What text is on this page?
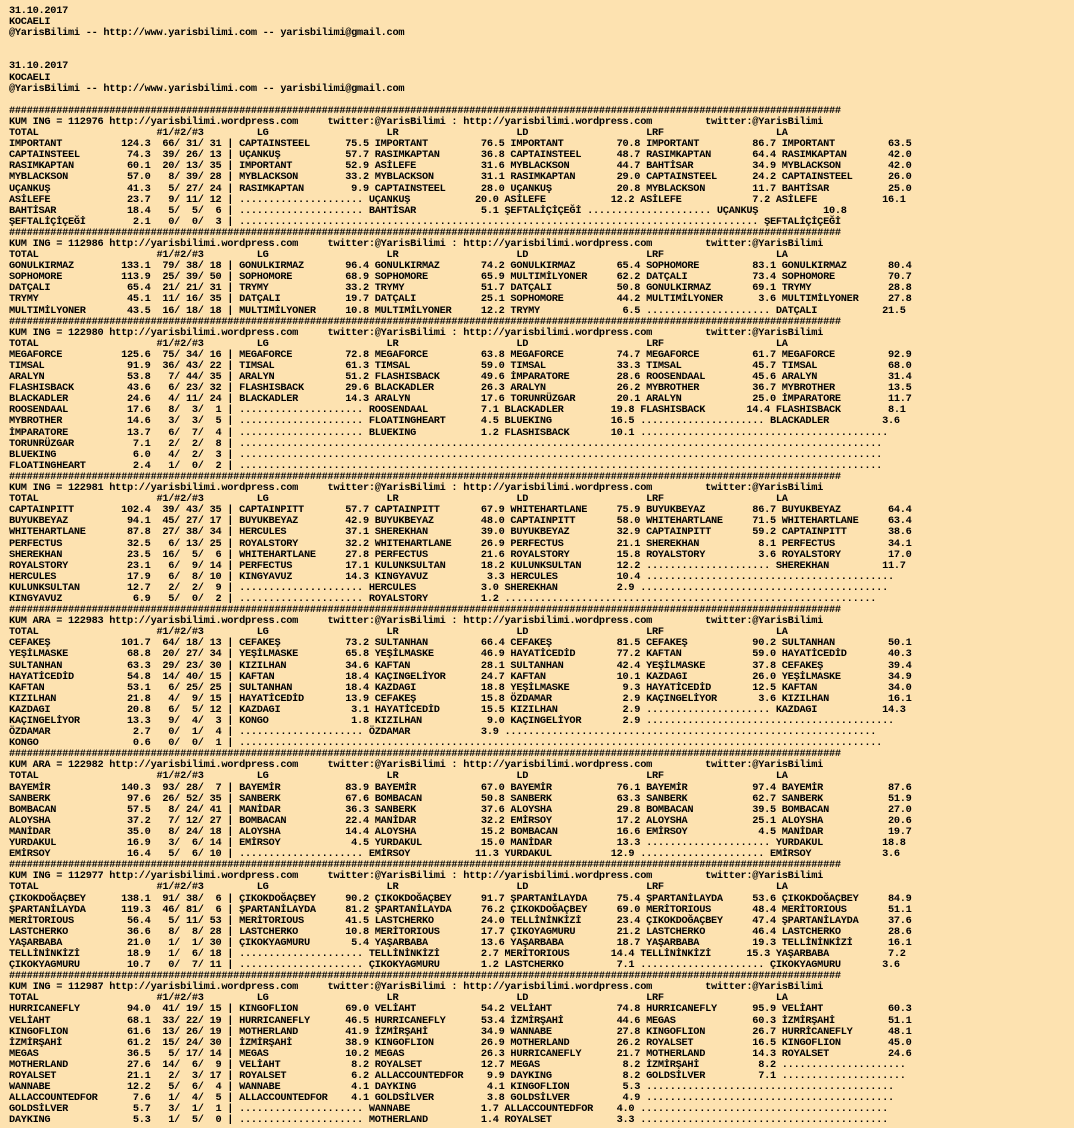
31.10.2017
KOCAELI
@YarisBilimi -- http://www.yarisbilimi.com -- yarisbilimi@gmail.com
31.10.2017
KOCAELI
@YarisBilimi -- http://www.yarisbilimi.com -- yarisbilimi@gmail.com
#############################################################################################################################################
KUM ING = 112976 http://yarisbilimi.wordpress.com     twitter:@YarisBilimi : http://yarisbilimi.wordpress.com         twitter:@YarisBilimi
TOTAL                    #1/#2/#3         LG                    LR                    LD                    LRF                   LA
IMPORTANT          124.3  66/ 31/ 31 | CAPTAINSTEEL      75.5 IMPORTANT         76.5 IMPORTANT         70.8 IMPORTANT         86.7 IMPORTANT         63.5
CAPTAINSTEEL        74.3  39/ 26/ 13 | UÇANKUŞ           57.7 RASIMKAPTAN       36.8 CAPTAINSTEEL      48.7 RASIMKAPTAN       64.4 RASIMKAPTAN       42.0
RASIMKAPTAN         60.1  20/ 13/ 35 | IMPORTANT         52.9 ASİLEFE           31.6 MYBLACKSON        44.7 BAHTİSAR          34.9 MYBLACKSON        42.0
MYBLACKSON          57.0   8/ 39/ 28 | MYBLACKSON        33.2 MYBLACKSON        31.1 RASIMKAPTAN       29.0 CAPTAINSTEEL      24.2 CAPTAINSTEEL      26.0
UÇANKUŞ             41.3   5/ 27/ 24 | RASIMKAPTAN        9.9 CAPTAINSTEEL      28.0 UÇANKUŞ           20.8 MYBLACKSON        11.7 BAHTİSAR          25.0
ASİLEFE             23.7   9/ 11/ 12 | ..................... UÇANKUŞ           20.0 ASİLEFE           12.2 ASİLEFE            7.2 ASİLEFE           16.1
BAHTİSAR            18.4   5/  5/  6 | ..................... BAHTİSAR           5.1 ŞEFTALİÇİÇEĞİ ..................... UÇANKUŞ           10.8
ŞEFTALİÇİÇEĞİ        2.1   0/  0/  3 | ........................................................................................ ŞEFTALİÇİÇEĞİ
#############################################################################################################################################
KUM ING = 112986 http://yarisbilimi.wordpress.com     twitter:@YarisBilimi : http://yarisbilimi.wordpress.com         twitter:@YarisBilimi
TOTAL                    #1/#2/#3         LG                    LR                    LD                    LRF                   LA
GONULKIRMAZ        133.1  79/ 38/ 18 | GONULKIRMAZ       96.4 GONULKIRMAZ       74.2 GONULKIRMAZ       65.4 SOPHOMORE         83.1 GONULKIRMAZ       80.4
SOPHOMORE          113.9  25/ 39/ 50 | SOPHOMORE         68.9 SOPHOMORE         65.9 MULTIMİLYONER     62.2 DATÇALI           73.4 SOPHOMORE         70.7
DATÇALI             65.4  21/ 21/ 31 | TRYMY             33.2 TRYMY             51.7 DATÇALI           50.8 GONULKIRMAZ       69.1 TRYMY             28.8
TRYMY               45.1  11/ 16/ 35 | DATÇALI           19.7 DATÇALI           25.1 SOPHOMORE         44.2 MULTIMİLYONER      3.6 MULTIMİLYONER     27.8
MULTIMİLYONER       43.5  16/ 18/ 18 | MULTIMİLYONER     10.8 MULTIMİLYONER     12.2 TRYMY              6.5 ..................... DATÇALI           21.5
#############################################################################################################################################
KUM ING = 122980 http://yarisbilimi.wordpress.com     twitter:@YarisBilimi : http://yarisbilimi.wordpress.com         twitter:@YarisBilimi
TOTAL                    #1/#2/#3         LG                    LR                    LD                    LRF                   LA
MEGAFORCE          125.6  75/ 34/ 16 | MEGAFORCE         72.8 MEGAFORCE         63.8 MEGAFORCE         74.7 MEGAFORCE         61.7 MEGAFORCE         92.9
TIMSAL              91.9  36/ 43/ 22 | TIMSAL            61.3 TIMSAL            59.0 TIMSAL            33.3 TIMSAL            45.7 TIMSAL            68.0
ARALYN              53.8   7/ 44/ 35 | ARALYN            51.2 FLASHISBACK       49.6 İMPARATORE        28.6 ROOSENDAAL        45.6 ARALYN            31.4
FLASHISBACK         43.6   6/ 23/ 32 | FLASHISBACK       29.6 BLACKADLER        26.3 ARALYN            26.2 MYBROTHER         36.7 MYBROTHER         13.5
BLACKADLER          24.6   4/ 11/ 24 | BLACKADLER        14.3 ARALYN            17.6 TORUNRÜZGAR       20.1 ARALYN            25.0 İMPARATORE        11.7
ROOSENDAAL          17.6   8/  3/  1 | ..................... ROOSENDAAL         7.1 BLACKADLER        19.8 FLASHISBACK       14.4 FLASHISBACK        8.1
MYBROTHER           14.6   3/  3/  5 | ..................... FLOATINGHEART      4.5 BLUEKING          16.5 ..................... BLACKADLER         3.6
İMPARATORE          13.7   6/  7/  4 | ..................... BLUEKING           1.2 FLASHISBACK       10.1 ..........................................
TORUNRÜZGAR          7.1   2/  2/  8 | .............................................................................................................
BLUEKING             6.0   4/  2/  3 | .............................................................................................................
FLOATINGHEART        2.4   1/  0/  2 | .............................................................................................................
#############################################################################################################################################
KUM ING = 122981 http://yarisbilimi.wordpress.com     twitter:@YarisBilimi : http://yarisbilimi.wordpress.com         twitter:@YarisBilimi
TOTAL                    #1/#2/#3         LG                    LR                    LD                    LRF                   LA
CAPTAINPITT        102.4  39/ 43/ 35 | CAPTAINPITT       57.7 CAPTAINPITT       67.9 WHITEHARTLANE     75.9 BUYUKBEYAZ        86.7 BUYUKBEYAZ        64.4
BUYUKBEYAZ          94.1  45/ 27/ 17 | BUYUKBEYAZ        42.9 BUYUKBEYAZ        48.0 CAPTAINPITT       58.0 WHITEHARTLANE     71.5 WHITEHARTLANE     63.4
WHITEHARTLANE       87.8  27/ 38/ 34 | HERCULES          37.1 SHEREKHAN         39.0 BUYUKBEYAZ        32.9 CAPTAINPITT       59.2 CAPTAINPITT       38.6
PERFECTUS           32.5   6/ 13/ 25 | ROYALSTORY        32.2 WHITEHARTLANE     26.9 PERFECTUS         21.1 SHEREKHAN          8.1 PERFECTUS         34.1
SHEREKHAN           23.5  16/  5/  6 | WHITEHARTLANE     27.8 PERFECTUS         21.6 ROYALSTORY        15.8 ROYALSTORY         3.6 ROYALSTORY        17.0
ROYALSTORY          23.1   6/  9/ 14 | PERFECTUS         17.1 KULUNKSULTAN      18.2 KULUNKSULTAN      12.2 ..................... SHEREKHAN         11.7
HERCULES            17.9   6/  8/ 10 | KINGYAVUZ         14.3 KINGYAVUZ          3.3 HERCULES          10.4 ..........................................
KULUNKSULTAN        12.7   2/  2/  9 | ..................... HERCULES           3.0 SHEREKHAN          2.9 ..........................................
KINGYAVUZ            6.9   5/  0/  2 | ..................... ROYALSTORY         1.2 ...............................................................
#############################################################################################################################################
KUM ARA = 122983 http://yarisbilimi.wordpress.com     twitter:@YarisBilimi : http://yarisbilimi.wordpress.com         twitter:@YarisBilimi
TOTAL                    #1/#2/#3         LG                    LR                    LD                    LRF                   LA
CEFAKEŞ            101.7  64/ 18/ 13 | CEFAKEŞ           73.2 SULTANHAN         66.4 CEFAKEŞ           81.5 CEFAKEŞ           90.2 SULTANHAN         50.1
YEŞİLMASKE          68.8  20/ 27/ 34 | YEŞİLMASKE        65.8 YEŞİLMASKE        46.9 HAYATİCEDİD       77.2 KAFTAN            59.0 HAYATİCEDİD       40.3
SULTANHAN           63.3  29/ 23/ 30 | KIZILHAN          34.6 KAFTAN            28.1 SULTANHAN         42.4 YEŞİLMASKE        37.8 CEFAKEŞ           39.4
HAYATİCEDİD         54.8  14/ 40/ 15 | KAFTAN            18.4 KAÇINGELİYOR      24.7 KAFTAN            10.1 KAZDAGI           26.0 YEŞİLMASKE        34.9
KAFTAN              53.1   6/ 25/ 25 | SULTANHAN         18.4 KAZDAGI           18.8 YEŞİLMASKE         9.3 HAYATİCEDİD       12.5 KAFTAN            34.0
KIZILHAN            21.8   4/  9/ 15 | HAYATİCEDİD       13.9 CEFAKEŞ           15.8 ÖZDAMAR            2.9 KAÇINGELİYOR       3.6 KIZILHAN          16.1
KAZDAGI             20.8   6/  5/ 12 | KAZDAGI            3.1 HAYATİCEDİD       15.5 KIZILHAN           2.9 ..................... KAZDAGI           14.3
KAÇINGELİYOR        13.3   9/  4/  3 | KONGO              1.8 KIZILHAN           9.0 KAÇINGELİYOR       2.9 ..........................................
ÖZDAMAR              2.7   0/  1/  4 | ..................... ÖZDAMAR            3.9 ...............................................................
KONGO                0.6   0/  0/  1 | .............................................................................................................
#############################################################################################################################################
KUM ARA = 122982 http://yarisbilimi.wordpress.com     twitter:@YarisBilimi : http://yarisbilimi.wordpress.com         twitter:@YarisBilimi
TOTAL                    #1/#2/#3         LG                    LR                    LD                    LRF                   LA
BAYEMİR            140.3  93/ 28/  7 | BAYEMİR           83.9 BAYEMİR           67.0 BAYEMİR           76.1 BAYEMİR           97.4 BAYEMİR           87.6
SANBERK             97.6  26/ 52/ 35 | SANBERK           67.6 BOMBACAN          50.8 SANBERK           63.3 SANBERK           62.7 SANBERK           51.9
BOMBACAN            57.5   8/ 24/ 41 | MANİDAR           36.3 SANBERK           37.6 ALOYSHA           29.8 BOMBACAN          39.5 BOMBACAN          27.0
ALOYSHA             37.2   7/ 12/ 27 | BOMBACAN          22.4 MANİDAR           32.2 EMİRSOY           17.2 ALOYSHA           25.1 ALOYSHA           20.6
MANİDAR             35.0   8/ 24/ 18 | ALOYSHA           14.4 ALOYSHA           15.2 BOMBACAN          16.6 EMİRSOY            4.5 MANİDAR           19.7
YURDAKUL            16.9   3/  6/ 14 | EMİRSOY            4.5 YURDAKUL          15.0 MANİDAR           13.3 ..................... YURDAKUL          18.8
EMİRSOY             16.4   5/  6/ 10 | ..................... EMİRSOY           11.3 YURDAKUL          12.9 ..................... EMİRSOY            3.6
#############################################################################################################################################
KUM ING = 112977 http://yarisbilimi.wordpress.com     twitter:@YarisBilimi : http://yarisbilimi.wordpress.com         twitter:@YarisBilimi
TOTAL                    #1/#2/#3         LG                    LR                    LD                    LRF                   LA
ÇIKOKDOĞAÇBEY      138.1  91/ 38/  6 | ÇIKOKDOĞAÇBEY     90.2 ÇIKOKDOĞAÇBEY     91.7 ŞPARTANİLAYDA     75.4 ŞPARTANİLAYDA     53.6 ÇIKOKDOĞAÇBEY     84.9
ŞPARTANİLAYDA      119.3  46/ 81/  6 | ŞPARTANİLAYDA     81.2 ŞPARTANİLAYDA     76.2 ÇIKOKDOĞAÇBEY     69.0 MERİTORIOUS       48.4 MERİTORIOUS       51.1
MERİTORIOUS         56.4   5/ 11/ 53 | MERİTORIOUS       41.5 LASTCHERKO        24.0 TELLİNİNKİZİ      23.4 ÇIKOKDOĞAÇBEY     47.4 ŞPARTANİLAYDA     37.6
LASTCHERKO          36.6   8/  8/ 28 | LASTCHERKO        10.8 MERİTORIOUS       17.7 ÇIKOYAGMURU       21.2 LASTCHERKO        46.4 LASTCHERKO        28.6
YAŞARBABA           21.0   1/  1/ 30 | ÇIKOKYAGMURU       5.4 YAŞARBABA         13.6 YAŞARBABA         18.7 YAŞARBABA         19.3 TELLİNİNKİZİ      16.1
TELLİNİNKİZİ        18.9   1/  6/ 18 | ..................... TELLİNİNKİZİ       2.7 MERİTORIOUS       14.4 TELLİNİNKİZİ      15.3 YAŞARBABA          7.2
ÇIKOKYAGMURU        10.7   0/  7/ 11 | ..................... ÇIKOKYAGMURU       1.2 LASTCHERKO         7.1 ..................... ÇIKOKYAGMURU       3.6
#############################################################################################################################################
KUM ING = 112987 http://yarisbilimi.wordpress.com     twitter:@YarisBilimi : http://yarisbilimi.wordpress.com         twitter:@YarisBilimi
TOTAL                    #1/#2/#3         LG                    LR                    LD                    LRF                   LA
HURRICANEFLY        94.0  41/ 19/ 15 | KINGOFLION        69.0 VELİAHT           54.2 VELİAHT           74.8 HURRICANEFLY      95.9 VELİAHT           60.3
VELİAHT             68.1  33/ 22/ 19 | HURRICANEFLY      46.5 HURRICANEFLY      53.4 İZMİRŞAHİ         44.6 MEGAS             60.3 İZMİRŞAHİ         51.1
KINGOFLION          61.6  13/ 26/ 19 | MOTHERLAND        41.9 İZMİRŞAHİ         34.9 WANNABE           27.8 KINGOFLION        26.7 HURRİCANEFLY      48.1
İZMİRŞAHİ           61.2  15/ 24/ 30 | İZMİRŞAHİ         38.9 KINGOFLION        26.9 MOTHERLAND        26.2 ROYALSET          16.5 KINGOFLION        45.0
MEGAS               36.5   5/ 17/ 14 | MEGAS             10.2 MEGAS             26.3 HURRICANEFLY      21.7 MOTHERLAND        14.3 ROYALSET          24.6
MOTHERLAND          27.6  14/  6/  9 | VELİAHT            8.2 ROYALSET          12.7 MEGAS              8.2 İZMİRŞAHİ          8.2 .....................
ROYALSET            21.1   2/  3/ 17 | ROYALSET           6.2 ALLACCOUNTEDFOR    9.9 DAYKING            8.2 GOLDSİLVER         7.1 .....................
WANNABE             12.2   5/  6/  4 | WANNABE            4.1 DAYKING            4.1 KINGOFLION         5.3 ..........................................
ALLACCOUNTEDFOR      7.6   1/  4/  5 | ALLACCOUNTEDFOR    4.1 GOLDSİLVER         3.8 GOLDSİLVER         4.9 ..........................................
GOLDSİLVER           5.7   3/  1/  1 | ..................... WANNABE            1.7 ALLACCOUNTEDFOR    4.0 ..........................................
DAYKING              5.3   1/  5/  0 | ..................... MOTHERLAND         1.4 ROYALSET           3.3 ..........................................
